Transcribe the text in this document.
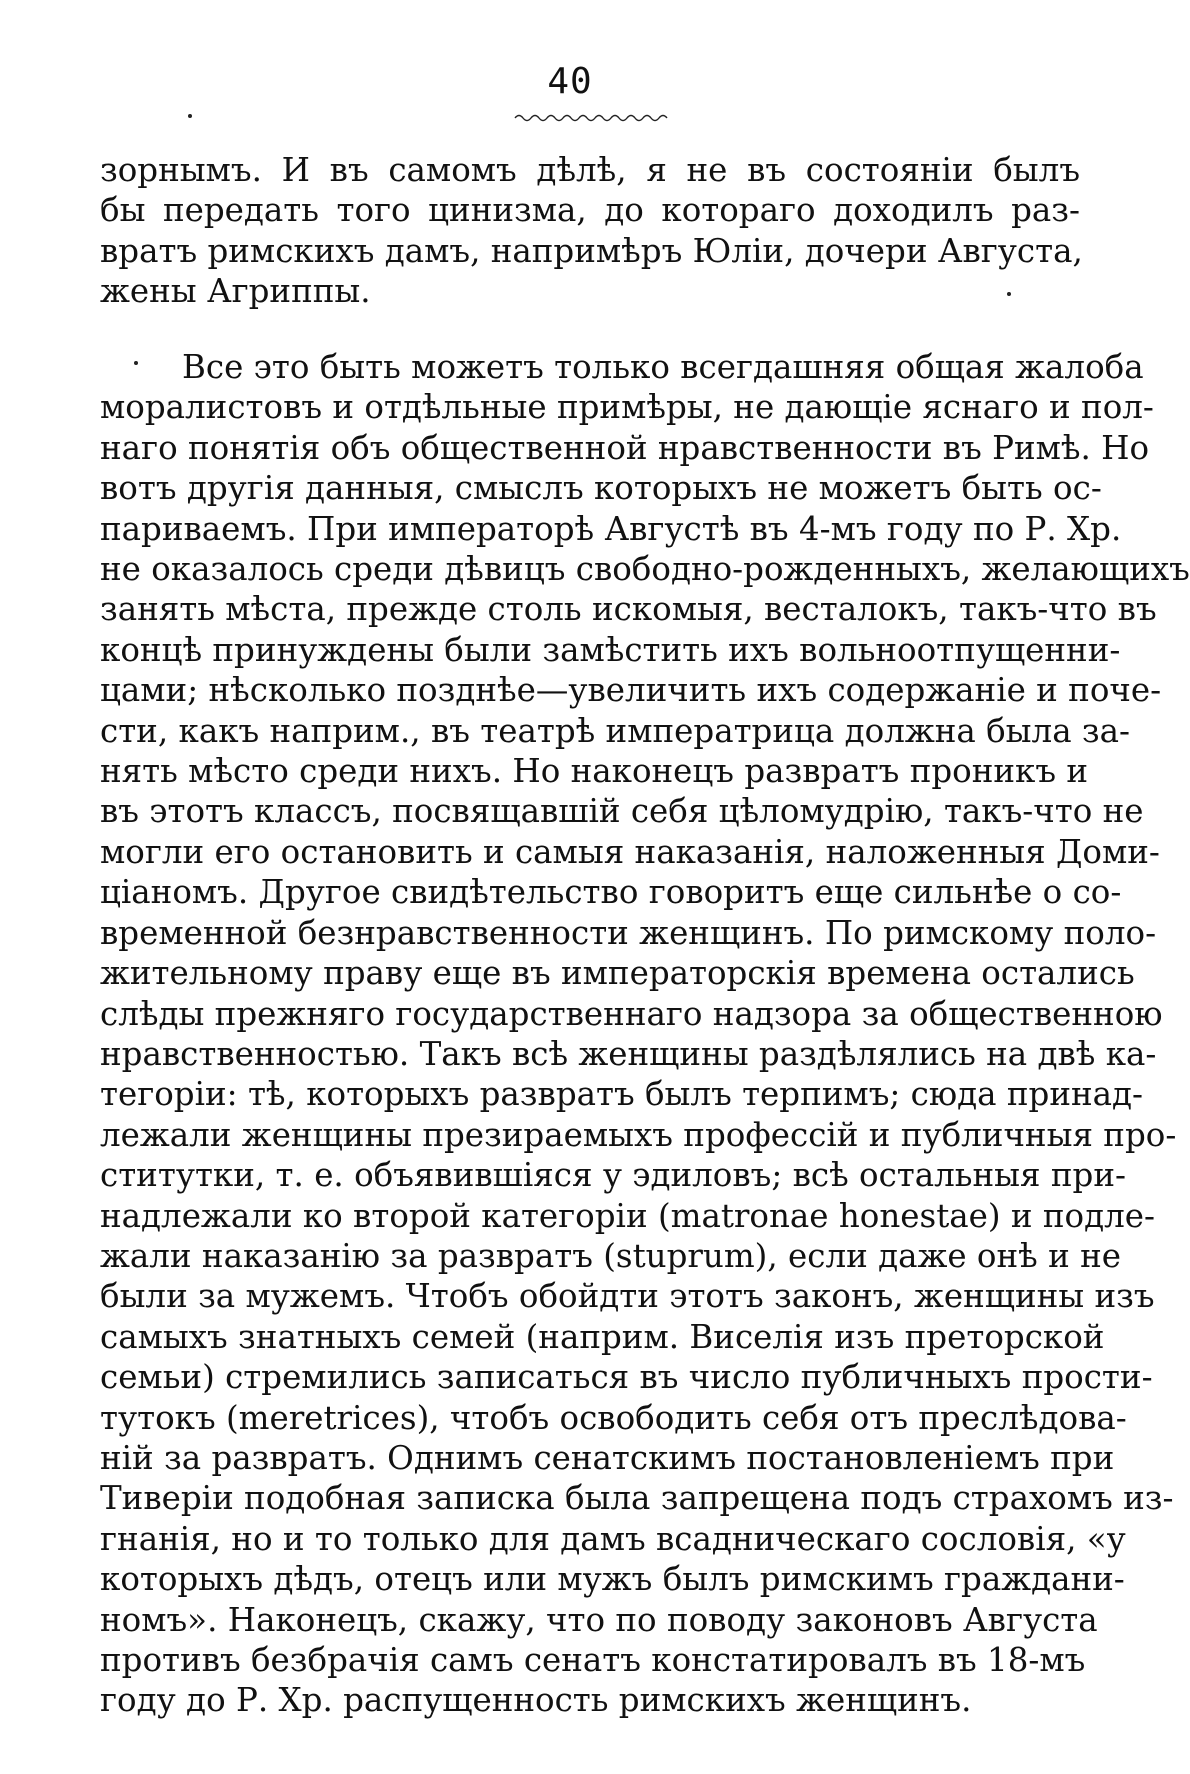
40
зорнымъ. И въ самомъ дѣлѣ, я не въ состояніи былъ
бы передать того цинизма, до котораго доходилъ раз-
вратъ римскихъ дамъ, напримѣръ Юліи, дочери Августа,
жены Агриппы.
Все это быть можетъ только всегдашняя общая жалоба
моралистовъ и отдѣльные примѣры, не дающіе яснаго и пол-
наго понятія объ общественной нравственности въ Римѣ. Но
вотъ другія данныя, смыслъ которыхъ не можетъ быть ос-
париваемъ. При императорѣ Августѣ въ 4-мъ году по Р. Хр.
не оказалось среди дѣвицъ свободно-рожденныхъ, желающихъ
занять мѣста, прежде столь искомыя, весталокъ, такъ-что въ
концѣ принуждены были замѣстить ихъ вольноотпущенни-
цами; нѣсколько позднѣе—увеличить ихъ содержаніе и поче-
сти, какъ наприм., въ театрѣ императрица должна была за-
нять мѣсто среди нихъ. Но наконецъ развратъ проникъ и
въ этотъ классъ, посвящавшій себя цѣломудрію, такъ-что не
могли его остановить и самыя наказанія, наложенныя Доми-
ціаномъ. Другое свидѣтельство говоритъ еще сильнѣе о со-
временной безнравственности женщинъ. По римскому поло-
жительному праву еще въ императорскія времена остались
слѣды прежняго государственнаго надзора за общественною
нравственностью. Такъ всѣ женщины раздѣлялись на двѣ ка-
тегоріи: тѣ, которыхъ развратъ былъ терпимъ; сюда принад-
лежали женщины презираемыхъ профессій и публичныя про-
ститутки, т. е. объявившіяся у эдиловъ; всѣ остальныя при-
надлежали ко второй категоріи (matronae honestae) и подле-
жали наказанію за развратъ (stuprum), если даже онѣ и не
были за мужемъ. Чтобъ обойдти этотъ законъ, женщины изъ
самыхъ знатныхъ семей (наприм. Виселія изъ преторской
семьи) стремились записаться въ число публичныхъ прости-
тутокъ (meretrices), чтобъ освободить себя отъ преслѣдова-
ній за развратъ. Однимъ сенатскимъ постановленіемъ при
Тиверіи подобная записка была запрещена подъ страхомъ из-
гнанія, но и то только для дамъ всадническаго сословія, «у
которыхъ дѣдъ, отецъ или мужъ былъ римскимъ граждани-
номъ». Наконецъ, скажу, что по поводу законовъ Августа
противъ безбрачія самъ сенатъ констатировалъ въ 18-мъ
году до Р. Хр. распущенность римскихъ женщинъ.
